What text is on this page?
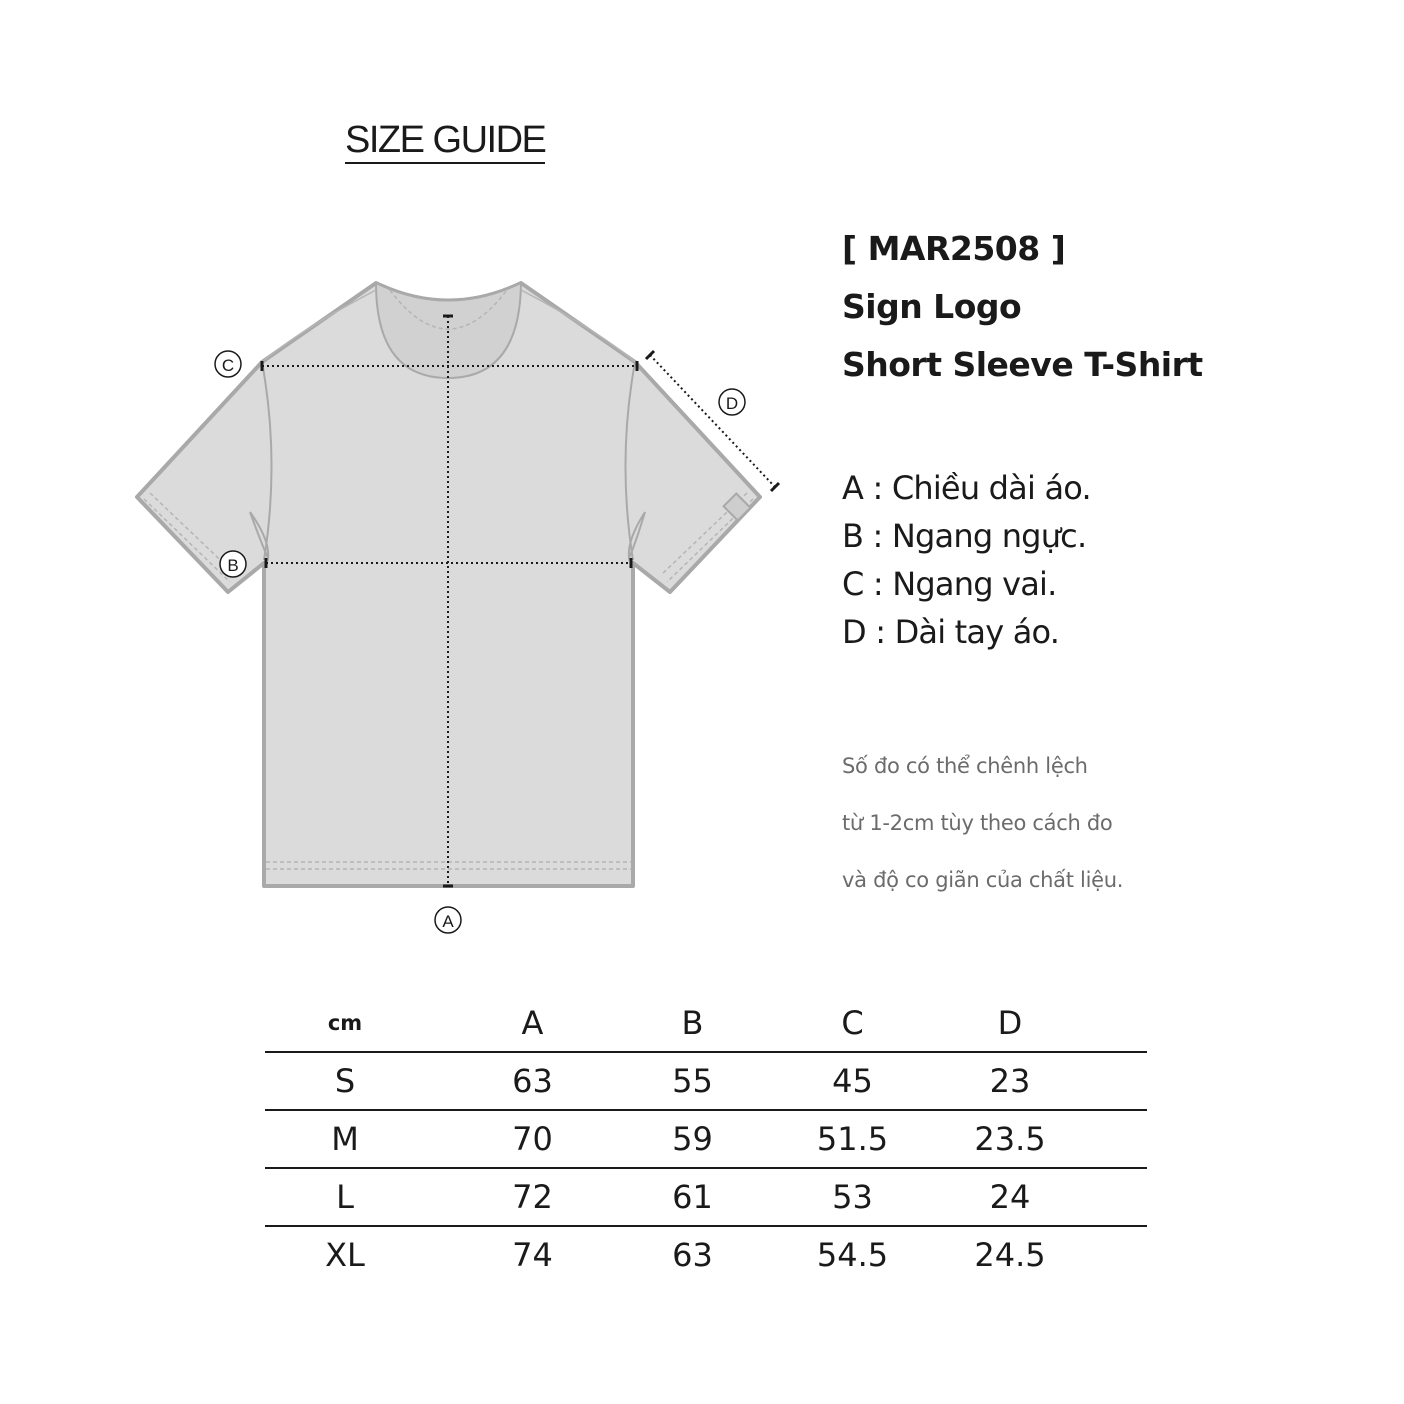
SIZE GUIDE
A
B
C
D
[ MAR2508 ]
Sign Logo
Short Sleeve T-Shirt
A : Chiều dài áo.
B : Ngang ngực.
C : Ngang vai.
D : Dài tay áo.
Số đo có thể chênh lệch
từ 1-2cm tùy theo cách đo
và độ co giãn của chất liệu.
cm	A	B	C	D	
S	63	55	45	23	
M	70	59	51.5	23.5	
L	72	61	53	24	
XL	74	63	54.5	24.5	
